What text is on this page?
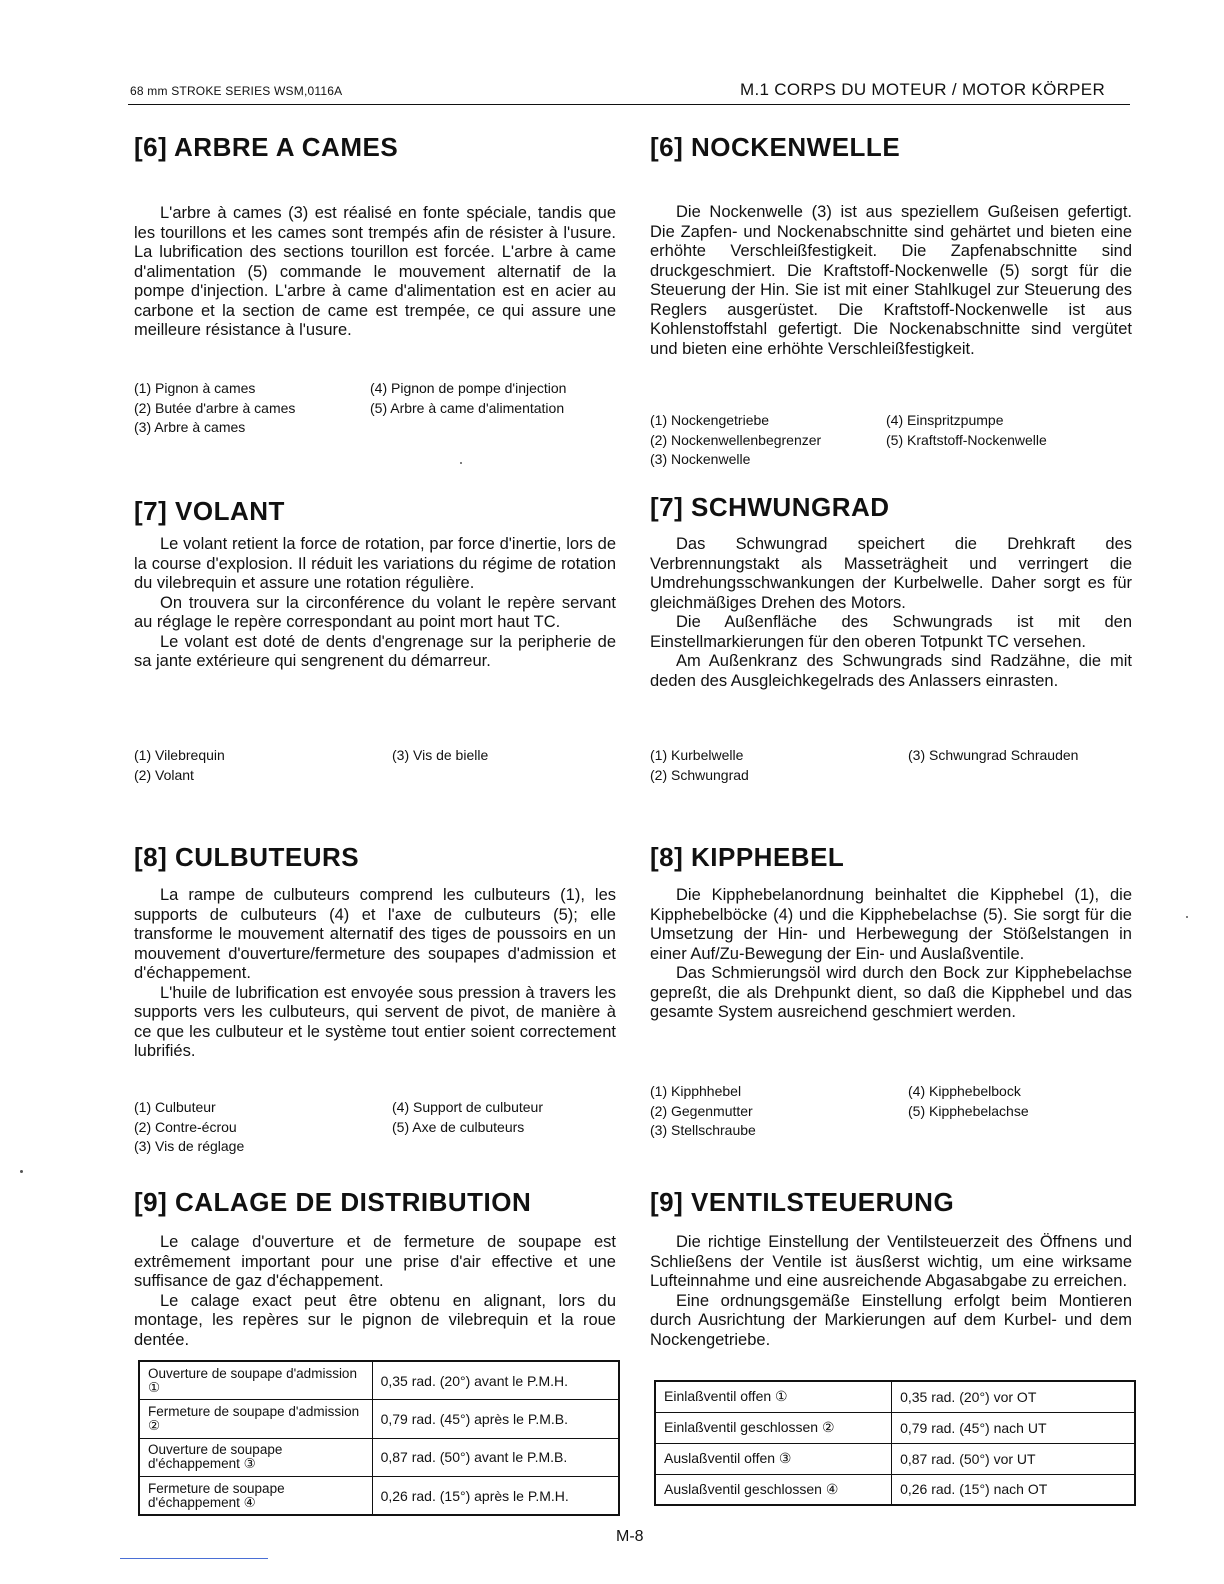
68 mm STROKE SERIES WSM,0116A	M.1 CORPS DU MOTEUR / MOTOR KÖRPER
[6] ARBRE A CAMES

L'arbre à cames (3) est réalisé en fonte spéciale, tandis que les tourillons et les cames sont trempés afin de résister à l'usure. La lubrification des sections tourillon est forcée. L'arbre à came d'alimentation (5) commande le mouvement alternatif de la pompe d'injection. L'arbre à came d'alimentation est en acier au carbone et la section de came est trempée, ce qui assure une meilleure résistance à l'usure.

(1) Pignon à cames	(4) Pignon de pompe d'injection
(2) Butée d'arbre à cames	(5) Arbre à came d'alimentation
(3) Arbre à cames
[7] VOLANT

Le volant retient la force de rotation, par force d'inertie, lors de la course d'explosion. Il réduit les variations du régime de rotation du vilebrequin et assure une rotation régulière.

On trouvera sur la circonférence du volant le repère servant au réglage le repère correspondant au point mort haut TC.

Le volant est doté de dents d'engrenage sur la peripherie de sa jante extérieure qui sengrenent du démarreur.

(1) Vilebrequin	(3) Vis de bielle
(2) Volant
[8] CULBUTEURS

La rampe de culbuteurs comprend les culbuteurs (1), les supports de culbuteurs (4) et l'axe de culbuteurs (5); elle transforme le mouvement alternatif des tiges de poussoirs en un mouvement d'ouverture/fermeture des soupapes d'admission et d'échappement.

L'huile de lubrification est envoyée sous pression à travers les supports vers les culbuteurs, qui servent de pivot, de manière à ce que les culbuteur et le système tout entier soient correctement lubrifiés.

(1) Culbuteur	(4) Support de culbuteur
(2) Contre-écrou	(5) Axe de culbuteurs
(3) Vis de réglage
[9] CALAGE DE DISTRIBUTION

Le calage d'ouverture et de fermeture de soupape est extrêmement important pour une prise d'air effective et une suffisance de gaz d'échappement.

Le calage exact peut être obtenu en alignant, lors du montage, les repères sur le pignon de vilebrequin et la roue dentée.

Ouverture de soupape d'admission ①	0,35 rad. (20°) avant le P.M.H.
Fermeture de soupape d'admission ②	0,79 rad. (45°) après le P.M.B.
Ouverture de soupape d'échappement ③	0,87 rad. (50°) avant le P.M.B.
Fermeture de soupape d'échappement ④	0,26 rad. (15°) après le P.M.H.
[6] NOCKENWELLE

Die Nockenwelle (3) ist aus speziellem Gußeisen gefertigt. Die Zapfen- und Nockenabschnitte sind gehärtet und bieten eine erhöhte Verschleißfestigkeit. Die Zapfenabschnitte sind druckgeschmiert. Die Kraftstoff-Nockenwelle (5) sorgt für die Steuerung der Hin. Sie ist mit einer Stahlkugel zur Steuerung des Reglers ausgerüstet. Die Kraftstoff-Nockenwelle ist aus Kohlenstoffstahl gefertigt. Die Nockenabschnitte sind vergütet und bieten eine erhöhte Verschleißfestigkeit.

(1) Nockengetriebe	(4) Einspritzpumpe
(2) Nockenwellenbegrenzer	(5) Kraftstoff-Nockenwelle
(3) Nockenwelle
[7] SCHWUNGRAD

Das Schwungrad speichert die Drehkraft des Verbrennungstakt als Masseträgheit und verringert die Umdrehungsschwankungen der Kurbelwelle. Daher sorgt es für gleichmäßiges Drehen des Motors.

Die Außenfläche des Schwungrads ist mit den Einstellmarkierungen für den oberen Totpunkt TC versehen.

Am Außenkranz des Schwungrads sind Radzähne, die mit deden des Ausgleichkegelrads des Anlassers einrasten.

(1) Kurbelwelle	(3) Schwungrad Schrauden
(2) Schwungrad
[8] KIPPHEBEL

Die Kipphebelanordnung beinhaltet die Kipphebel (1), die Kipphebelböcke (4) und die Kipphebelachse (5). Sie sorgt für die Umsetzung der Hin- und Herbewegung der Stößelstangen in einer Auf/Zu-Bewegung der Ein- und Auslaßventile.

Das Schmierungsöl wird durch den Bock zur Kipphebelachse gepreßt, die als Drehpunkt dient, so daß die Kipphebel und das gesamte System ausreichend geschmiert werden.

(1) Kipphhebel	(4) Kipphebelbock
(2) Gegenmutter	(5) Kipphebelachse
(3) Stellschraube
[9] VENTILSTEUERUNG

Die richtige Einstellung der Ventilsteuerzeit des Öffnens und Schließens der Ventile ist äusßerst wichtig, um eine wirksame Lufteinnahme und eine ausreichende Abgasabgabe zu erreichen.

Eine ordnungsgemäße Einstellung erfolgt beim Montieren durch Ausrichtung der Markierungen auf dem Kurbel- und dem Nockengetriebe.

Einlaßventil offen ①	0,35 rad. (20°) vor OT
Einlaßventil geschlossen ②	0,79 rad. (45°) nach UT
Auslaßventil offen ③	0,87 rad. (50°) vor UT
Auslaßventil geschlossen ④	0,26 rad. (15°) nach OT
M-8
